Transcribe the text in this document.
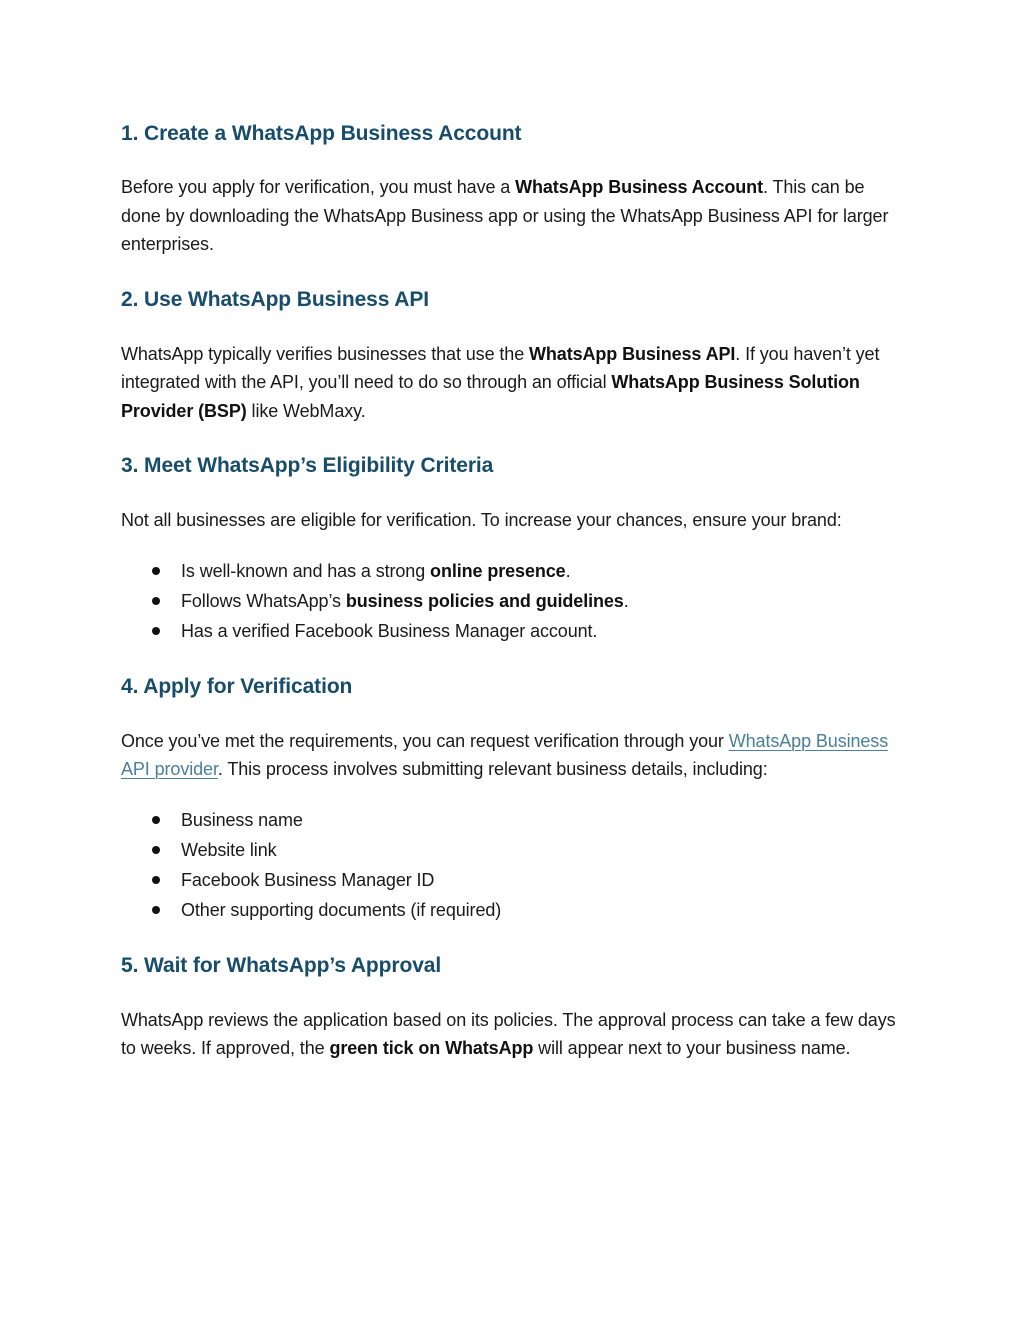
1. Create a WhatsApp Business Account

Before you apply for verification, you must have a WhatsApp Business Account. This can be done by downloading the WhatsApp Business app or using the WhatsApp Business API for larger enterprises.

2. Use WhatsApp Business API

WhatsApp typically verifies businesses that use the WhatsApp Business API. If you haven’t yet integrated with the API, you’ll need to do so through an official WhatsApp Business Solution Provider (BSP) like WebMaxy.

3. Meet WhatsApp’s Eligibility Criteria

Not all businesses are eligible for verification. To increase your chances, ensure your brand:

Is well-known and has a strong online presence.
Follows WhatsApp’s business policies and guidelines.
Has a verified Facebook Business Manager account.
4. Apply for Verification

Once you’ve met the requirements, you can request verification through your WhatsApp Business API provider. This process involves submitting relevant business details, including:

Business name
Website link
Facebook Business Manager ID
Other supporting documents (if required)
5. Wait for WhatsApp’s Approval

WhatsApp reviews the application based on its policies. The approval process can take a few days to weeks. If approved, the green tick on WhatsApp will appear next to your business name.
